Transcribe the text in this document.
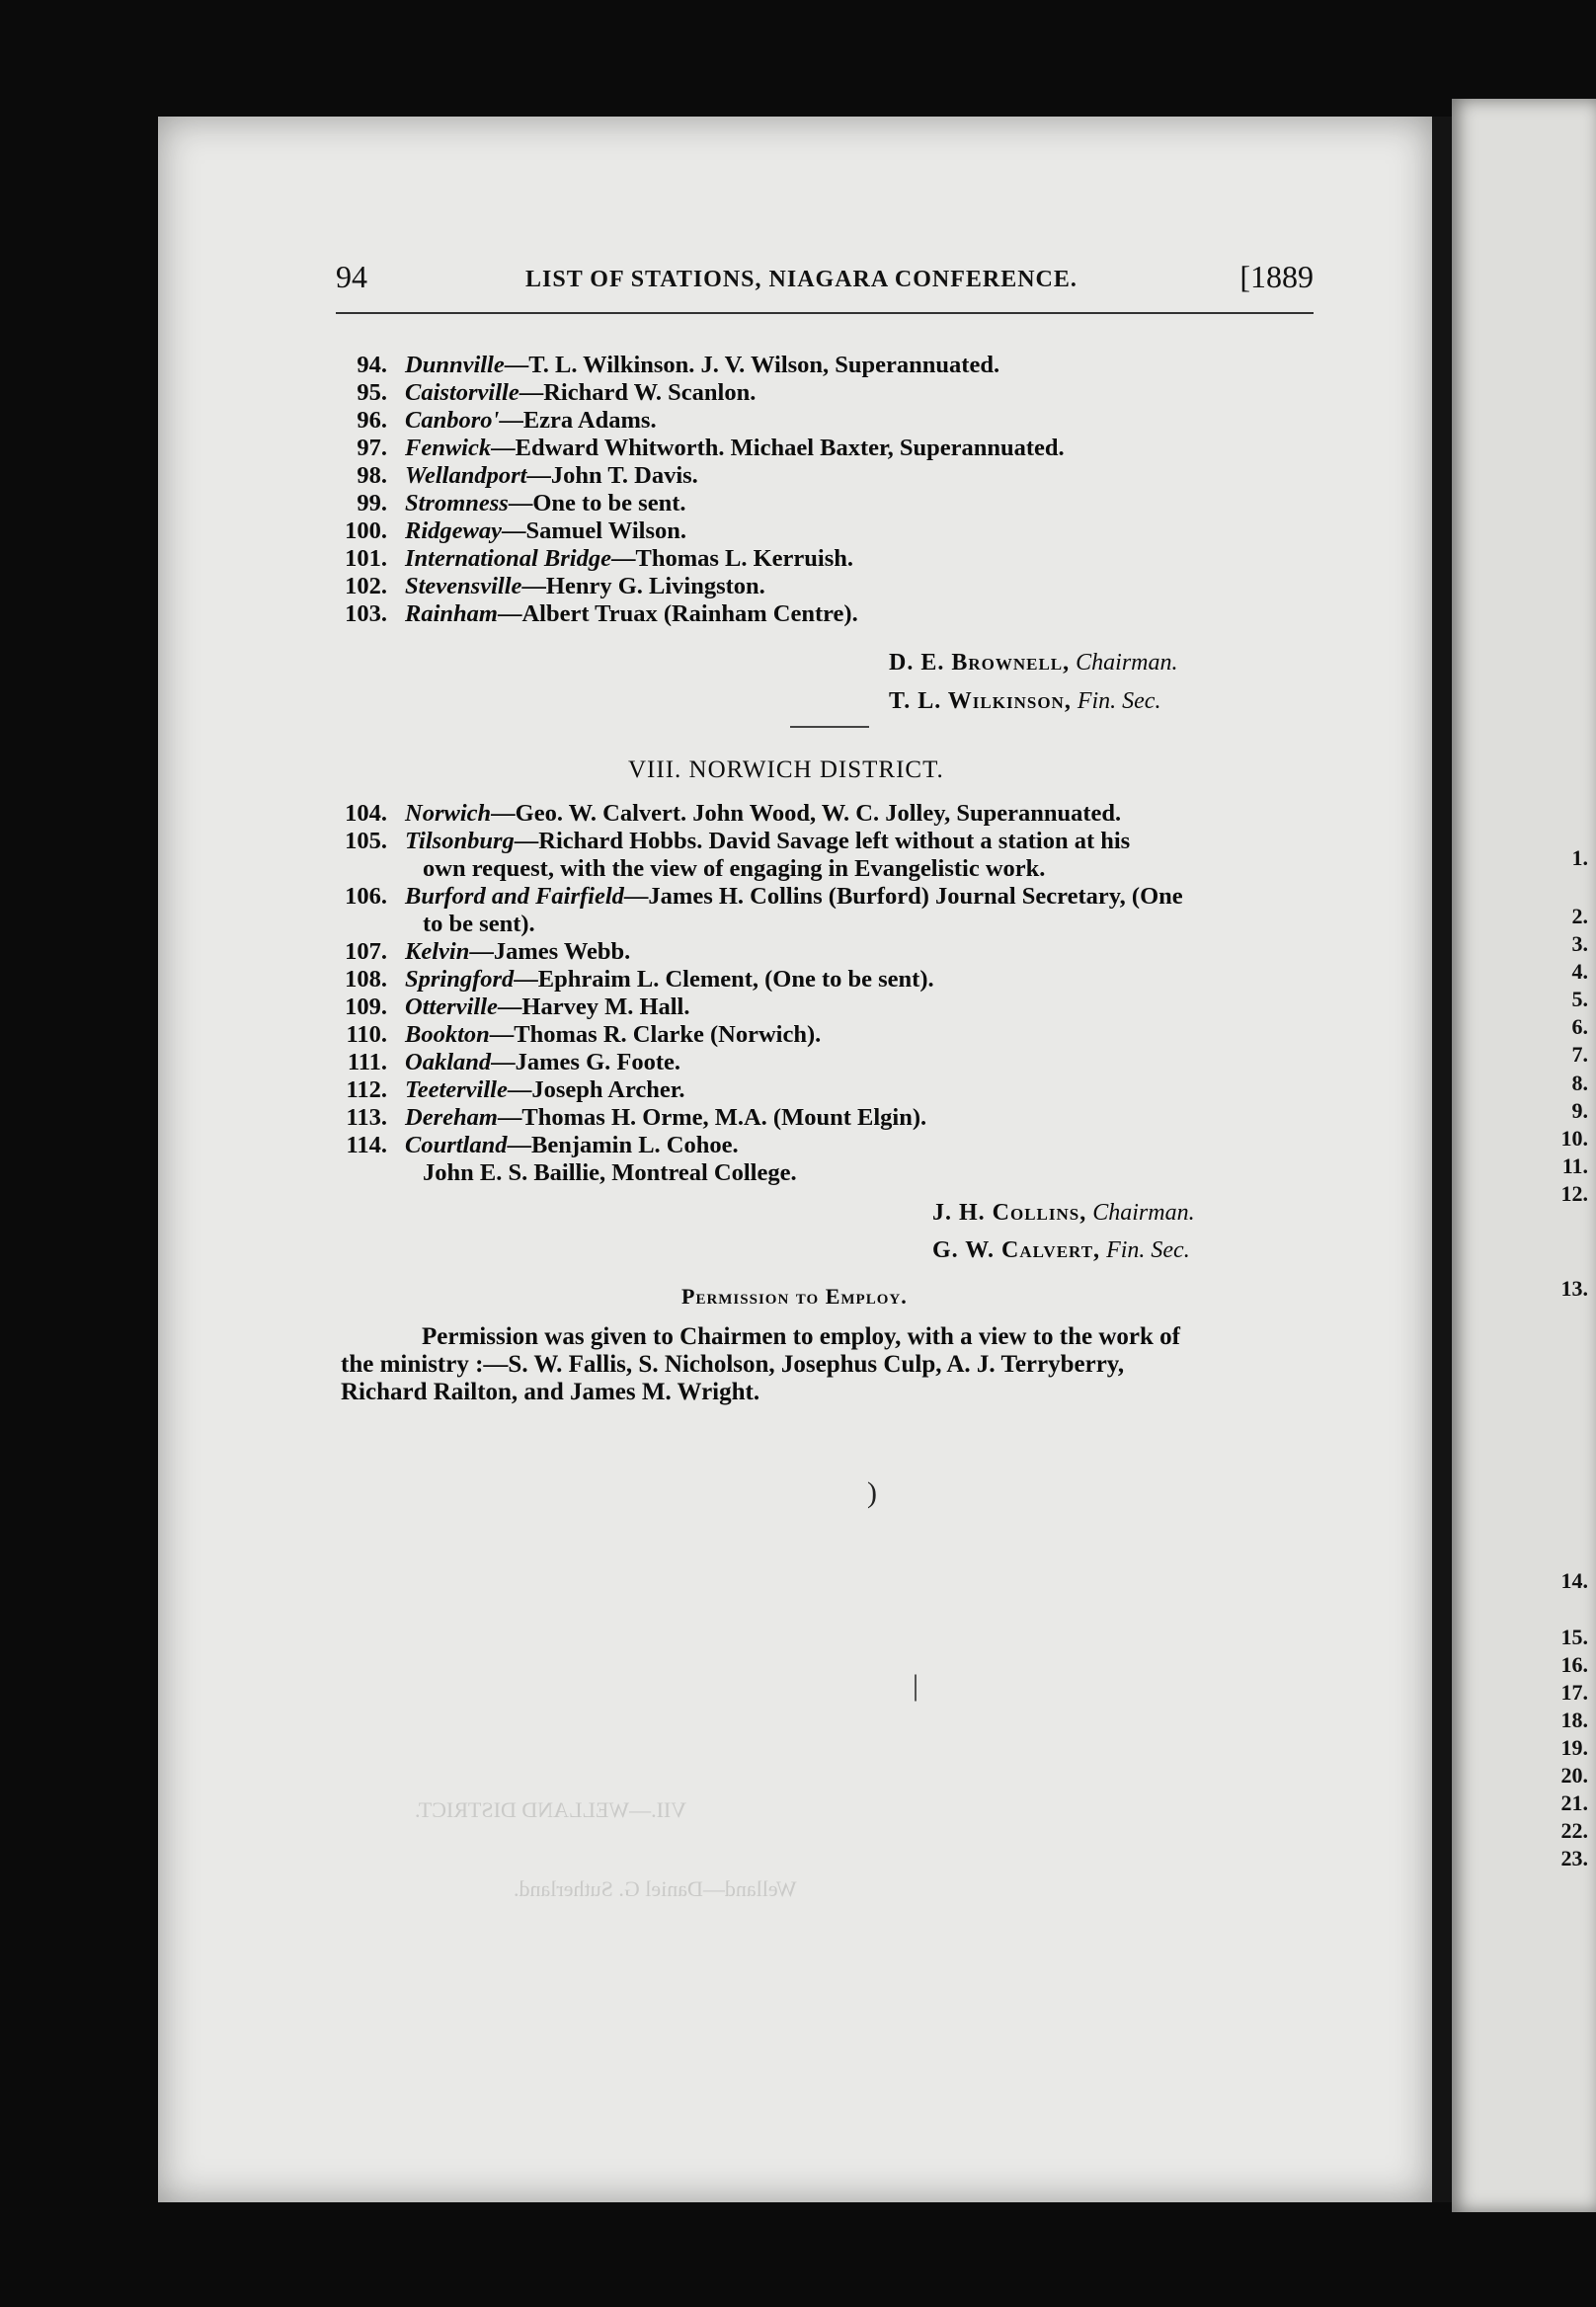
VII.—WELLAND DISTRICT.
Welland—Daniel G. Sutherland.
94	LIST OF STATIONS, NIAGARA CONFERENCE.	[1889
94. Dunnville—T. L. Wilkinson. J. V. Wilson, Superannuated.
95. Caistorville—Richard W. Scanlon.
96. Canboro'—Ezra Adams.
97. Fenwick—Edward Whitworth. Michael Baxter, Superannuated.
98. Wellandport—John T. Davis.
99. Stromness—One to be sent.
100. Ridgeway—Samuel Wilson.
101. International Bridge—Thomas L. Kerruish.
102. Stevensville—Henry G. Livingston.
103. Rainham—Albert Truax (Rainham Centre).
D. E. Brownell, Chairman.
T. L. Wilkinson, Fin. Sec.
VIII. NORWICH DISTRICT.
104. Norwich—Geo. W. Calvert. John Wood, W. C. Jolley, Superannuated.
105. Tilsonburg—Richard Hobbs. David Savage left without a station at his
own request, with the view of engaging in Evangelistic work.
106. Burford and Fairfield—James H. Collins (Burford) Journal Secretary, (One
to be sent).
107. Kelvin—James Webb.
108. Springford—Ephraim L. Clement, (One to be sent).
109. Otterville—Harvey M. Hall.
110. Bookton—Thomas R. Clarke (Norwich).
111. Oakland—James G. Foote.
112. Teeterville—Joseph Archer.
113. Dereham—Thomas H. Orme, M.A. (Mount Elgin).
114. Courtland—Benjamin L. Cohoe.
John E. S. Baillie, Montreal College.
J. H. Collins, Chairman.
G. W. Calvert, Fin. Sec.
Permission to Employ.
Permission was given to Chairmen to employ, with a view to the work of
the ministry :—S. W. Fallis, S. Nicholson, Josephus Culp, A. J. Terryberry,
Richard Railton, and James M. Wright.
)
|
1.
2.
3.
4.
5.
6.
7.
8.
9.
10.
11.
12.
13.
14.
15.
16.
17.
18.
19.
20.
21.
22.
23.
